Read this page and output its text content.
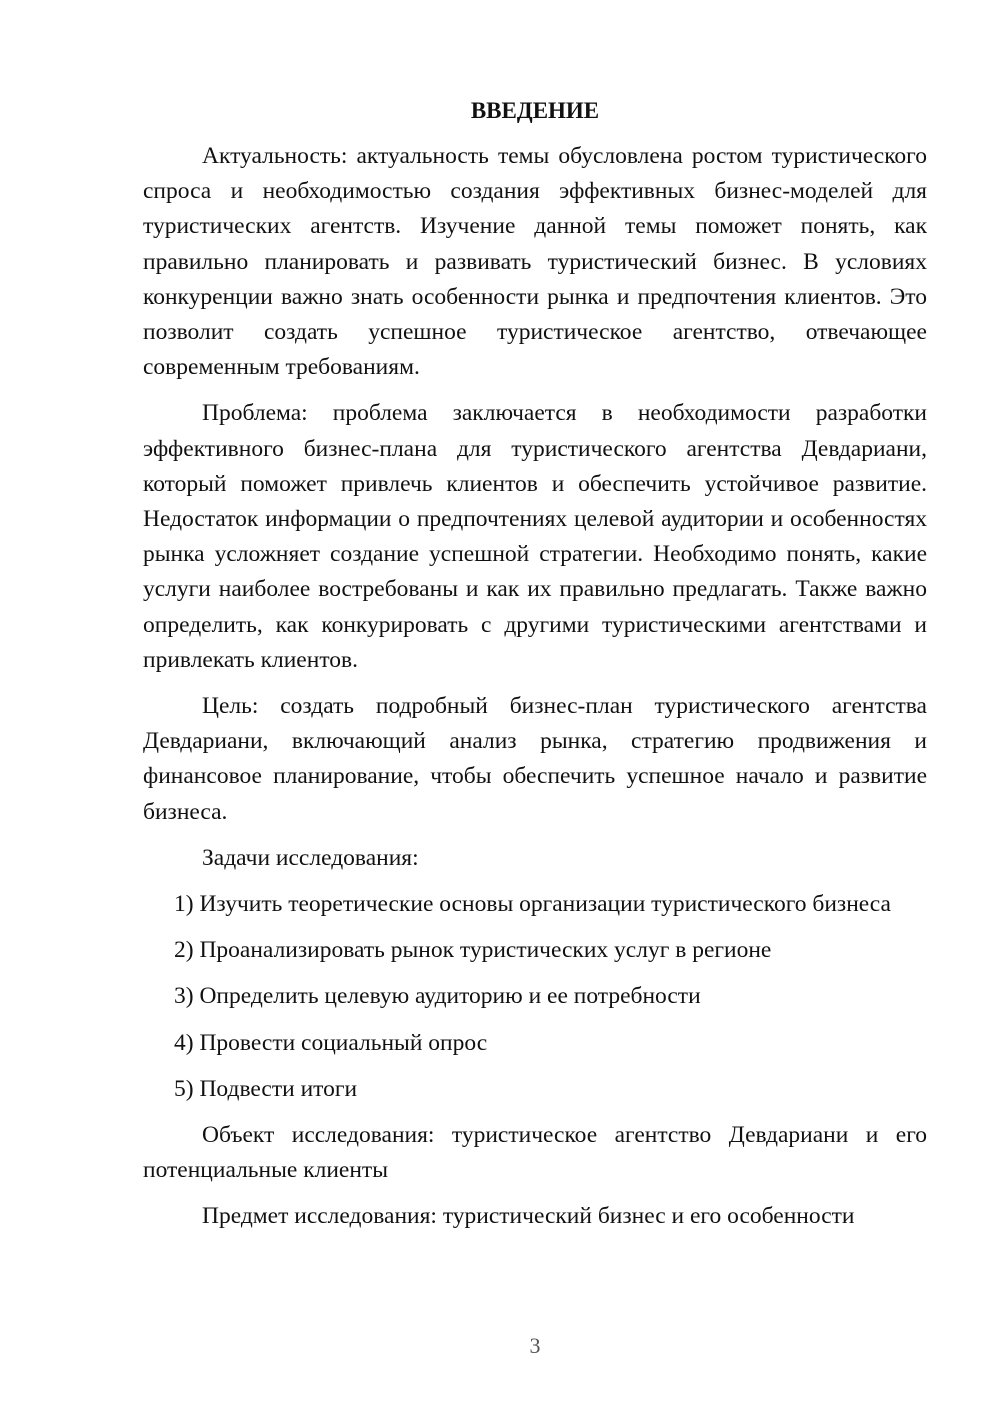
ВВЕДЕНИЕ

Актуальность: актуальность темы обусловлена ростом туристического спроса и необходимостью создания эффективных бизнес-моделей для туристических агентств. Изучение данной темы поможет понять, как правильно планировать и развивать туристический бизнес. В условиях конкуренции важно знать особенности рынка и предпочтения клиентов. Это позволит создать успешное туристическое агентство, отвечающее современным требованиям.

Проблема: проблема заключается в необходимости разработки эффективного бизнес-плана для туристического агентства Девдариани, который поможет привлечь клиентов и обеспечить устойчивое развитие. Недостаток информации о предпочтениях целевой аудитории и особенностях рынка усложняет создание успешной стратегии. Необходимо понять, какие услуги наиболее востребованы и как их правильно предлагать. Также важно определить, как конкурировать с другими туристическими агентствами и привлекать клиентов.

Цель: создать подробный бизнес-план туристического агентства Девдариани, включающий анализ рынка, стратегию продвижения и финансовое планирование, чтобы обеспечить успешное начало и развитие бизнеса.

Задачи исследования:

1) Изучить теоретические основы организации туристического бизнеса

2) Проанализировать рынок туристических услуг в регионе

3) Определить целевую аудиторию и ее потребности

4) Провести социальный опрос

5) Подвести итоги

Объект исследования: туристическое агентство Девдариани и его потенциальные клиенты

Предмет исследования: туристический бизнес и его особенности

3
